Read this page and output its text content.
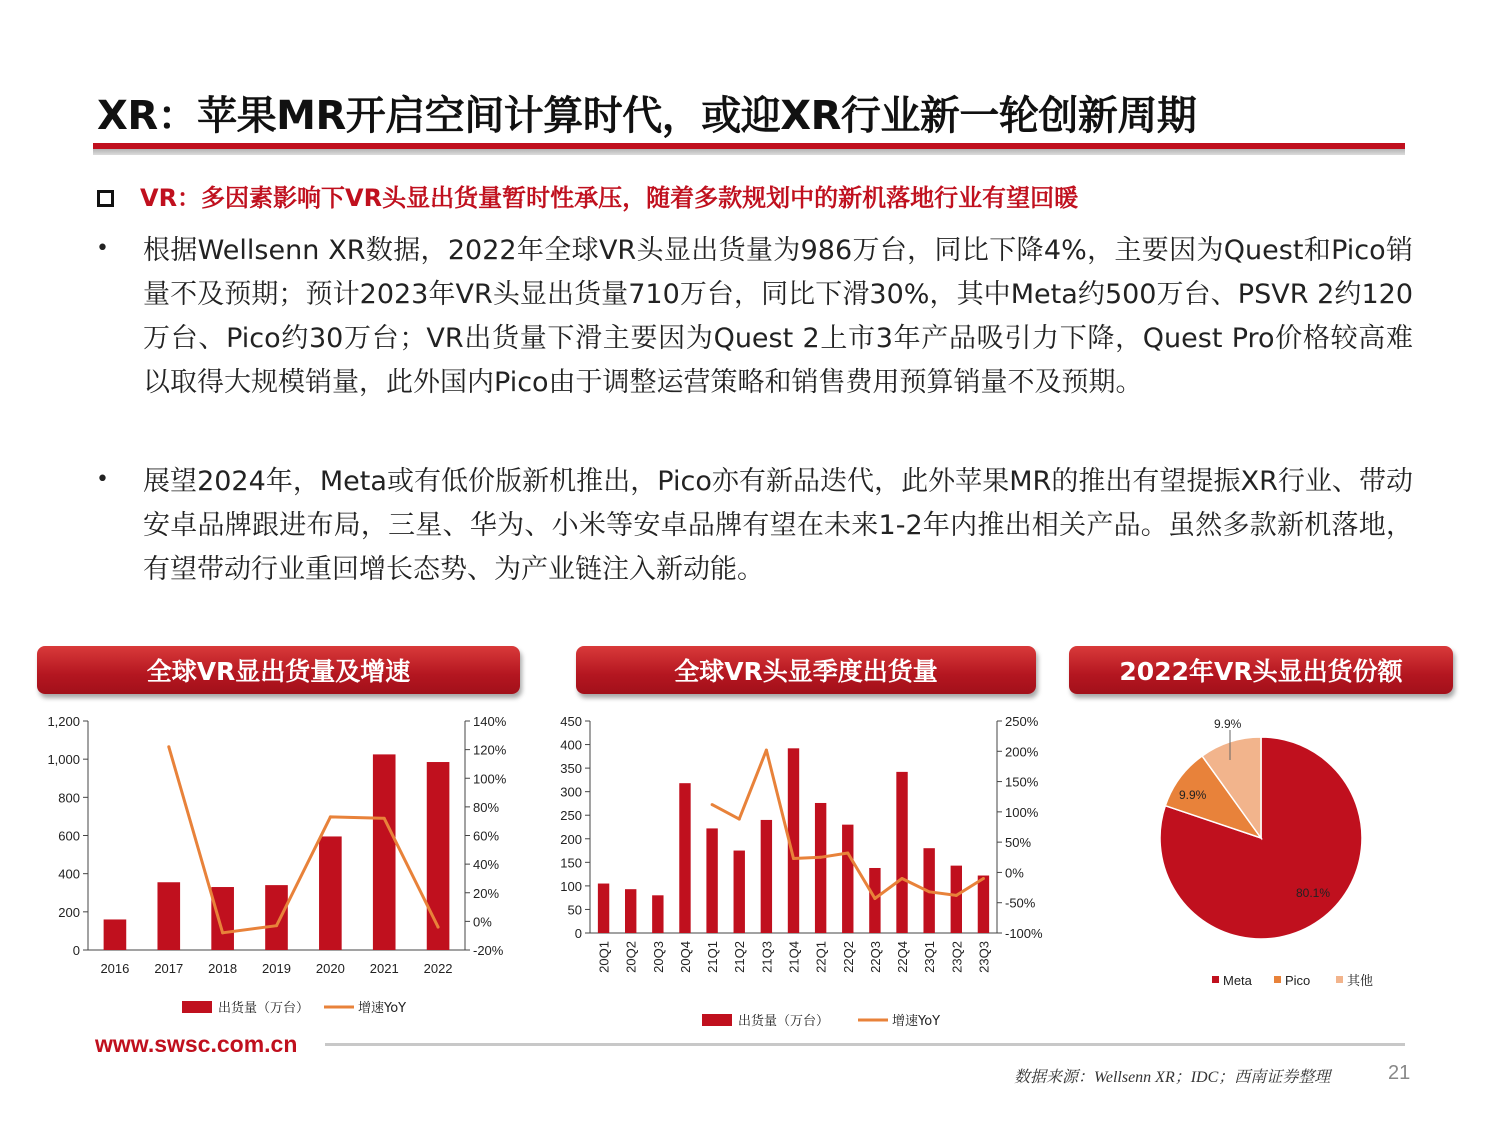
XR：苹果MR开启空间计算时代，或迎XR行业新一轮创新周期
VR：多因素影响下VR头显出货量暂时性承压，随着多款规划中的新机落地行业有望回暖
• 根据Wellsenn XR数据，2022年全球VR头显出货量为986万台，同比下降4%，主要因为Quest和Pico销量不及预期；预计2023年VR头显出货量710万台，同比下滑30%，其中Meta约500万台、PSVR 2约120万台、Pico约30万台；VR出货量下滑主要因为Quest 2上市3年产品吸引力下降，Quest Pro价格较高难以取得大规模销量，此外国内Pico由于调整运营策略和销售费用预算销量不及预期。
• 展望2024年，Meta或有低价版新机推出，Pico亦有新品迭代，此外苹果MR的推出有望提振XR行业、带动安卓品牌跟进布局，三星、华为、小米等安卓品牌有望在未来1-2年内推出相关产品。虽然多款新机落地，有望带动行业重回增长态势、为产业链注入新动能。
全球VR显出货量及增速	全球VR头显季度出货量	2022年VR头显出货份额
0
200
400
600
800
1,000
1,200
-20%
0%
20%
40%
60%
80%
100%
120%
140%
2016 2017 2018 2019 2020 2021 2022
出货量（万台）	增速YoY
0
50
100
150
200
250
300
350
400
450
-100%
-50%
0%
50%
100%
150%
200%
250%
20Q1 20Q2 20Q3 20Q4 21Q1 21Q2 21Q3 21Q4 22Q1 22Q2 22Q3 22Q4 23Q1 23Q2 23Q3
出货量（万台）	增速YoY
80.1%
9.9%
9.9%
Meta	Pico	其他
www.swsc.com.cn
数据来源：Wellsenn XR；IDC；西南证券整理	21
